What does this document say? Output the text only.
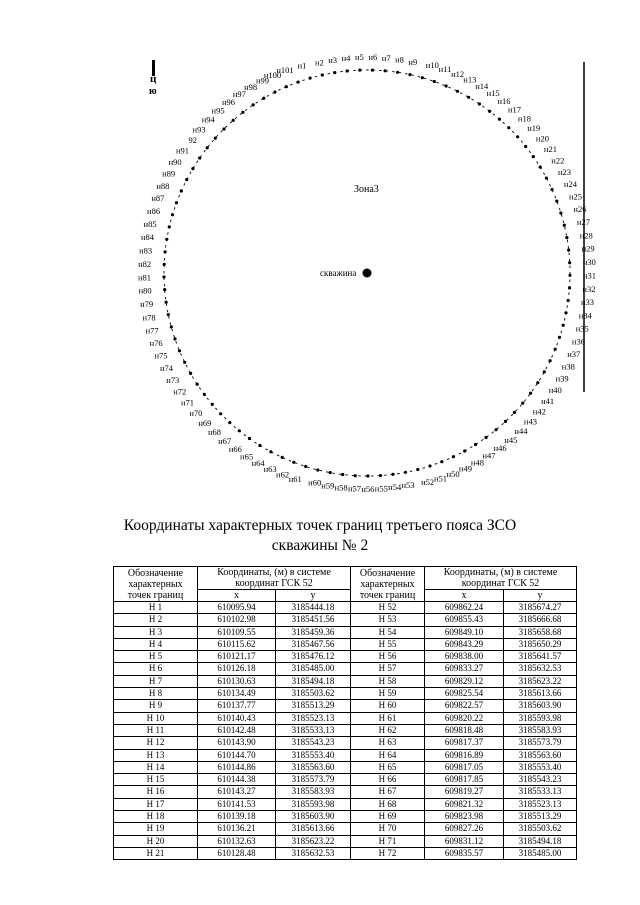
ц
ю
н1 н2 н3 н4 н5 н6 н7 н8 н9 н10 н11 н12
н13
н14
н15
н16
н17
н18
н19
н20
н21
н22
н23
н24
н25
н26
н27
н28
н29
н30
н31
н32
н33
н34
н35
н36
н37
н38
н39
н40
н41
н42
н43
н44
н45
н46
н47
н48
н49
н50
н51
н52
н53
н54
н55
н56
н57
н58
н59
н60
н61
н62
н63
н64
н65
н66
н67
н68
н69
н70
н71
н72
н73
н74
н75
н76
н77
н78
н79
н80
н81
н82
н83
н84
н85
н86
н87
н88
н89
н90
н91
92
н93
н94
н95
н96
н97
н98
н99
н100
н101
Зона3
скважина
Координаты характерных точек границ третьего пояса ЗСО
скважины № 2
Обозначение характерных точек границ	Координаты, (м) в системе координат ГСК 52		Обозначение характерных точек границ	Координаты, (м) в системе координат ГСК 52	
	x	y		x	y
Н 1	610095.94	3185444.18	Н 52	609862.24	3185674.27
Н 2	610102.98	3185451.56	Н 53	609855.43	3185666.68
Н 3	610109.55	3185459.36	Н 54	609849.10	3185658.68
Н 4	610115.62	3185467.56	Н 55	609843.29	3185650.29
Н 5	610121.17	3185476.12	Н 56	609838.00	3185641.57
Н 6	610126.18	3185485.00	Н 57	609833.27	3185632.53
Н 7	610130.63	3185494.18	Н 58	609829.12	3185623.22
Н 8	610134.49	3185503.62	Н 59	609825.54	3185613.66
Н 9	610137.77	3185513.29	Н 60	609822.57	3185603.90
Н 10	610140.43	3185523.13	Н 61	609820.22	3185593.98
Н 11	610142.48	3185533.13	Н 62	609818.48	3185583.93
Н 12	610143.90	3185543.23	Н 63	609817.37	3185573.79
Н 13	610144.70	3185553.40	Н 64	609816.89	3185563.60
Н 14	610144.86	3185563.60	Н 65	609817.05	3185553.40
Н 15	610144.38	3185573.79	Н 66	609817.85	3185543.23
Н 16	610143.27	3185583.93	Н 67	609819.27	3185533.13
Н 17	610141.53	3185593.98	Н 68	609821.32	3185523.13
Н 18	610139.18	3185603.90	Н 69	609823.98	3185513.29
Н 19	610136.21	3185613.66	Н 70	609827.26	3185503.62
Н 20	610132.63	3185623.22	Н 71	609831.12	3185494.18
Н 21	610128.48	3185632.53	Н 72	609835.57	3185485.00
